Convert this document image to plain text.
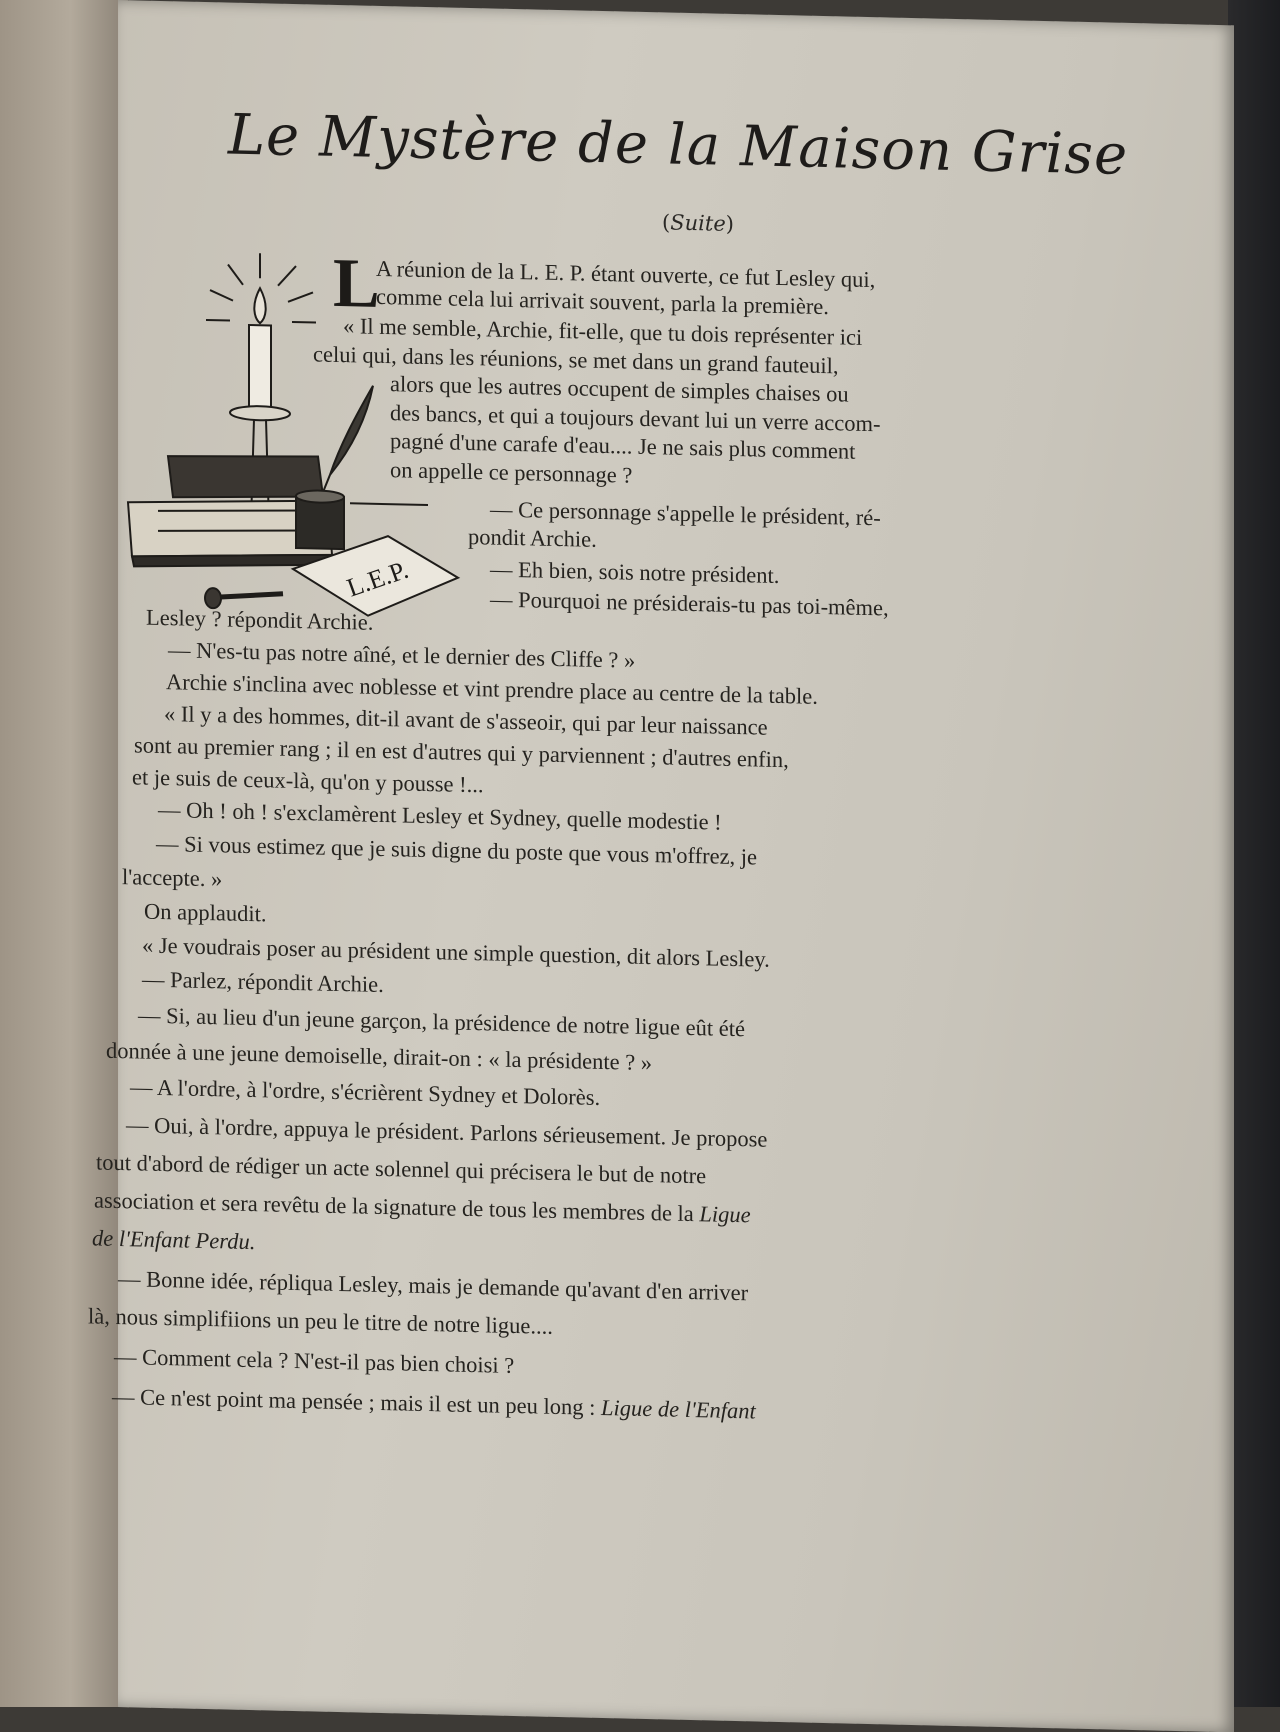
Le Mystère de la Maison Grise
(Suite)
L.E.P.
L
A réunion de la L. E. P. étant ouverte, ce fut Lesley qui,
comme cela lui arrivait souvent, parla la première.
« Il me semble, Archie, fit-elle, que tu dois représenter ici
celui qui, dans les réunions, se met dans un grand fauteuil,
alors que les autres occupent de simples chaises ou
des bancs, et qui a toujours devant lui un verre accom-
pagné d'une carafe d'eau.... Je ne sais plus comment
on appelle ce personnage ?
— Ce personnage s'appelle le président, ré-
pondit Archie.
— Eh bien, sois notre président.
— Pourquoi ne présiderais-tu pas toi-même,
Lesley ? répondit Archie.
— N'es-tu pas notre aîné, et le dernier des Cliffe ? »
Archie s'inclina avec noblesse et vint prendre place au centre de la table.
« Il y a des hommes, dit-il avant de s'asseoir, qui par leur naissance
sont au premier rang ; il en est d'autres qui y parviennent ; d'autres enfin,
et je suis de ceux-là, qu'on y pousse !...
— Oh ! oh ! s'exclamèrent Lesley et Sydney, quelle modestie !
— Si vous estimez que je suis digne du poste que vous m'offrez, je
l'accepte. »
On applaudit.
« Je voudrais poser au président une simple question, dit alors Lesley.
— Parlez, répondit Archie.
— Si, au lieu d'un jeune garçon, la présidence de notre ligue eût été
donnée à une jeune demoiselle, dirait-on : « la présidente ? »
— A l'ordre, à l'ordre, s'écrièrent Sydney et Dolorès.
— Oui, à l'ordre, appuya le président. Parlons sérieusement. Je propose
tout d'abord de rédiger un acte solennel qui précisera le but de notre
association et sera revêtu de la signature de tous les membres de la Ligue
de l'Enfant Perdu.
— Bonne idée, répliqua Lesley, mais je demande qu'avant d'en arriver
là, nous simplifiions un peu le titre de notre ligue....
— Comment cela ? N'est-il pas bien choisi ?
— Ce n'est point ma pensée ; mais il est un peu long : Ligue de l'Enfant
